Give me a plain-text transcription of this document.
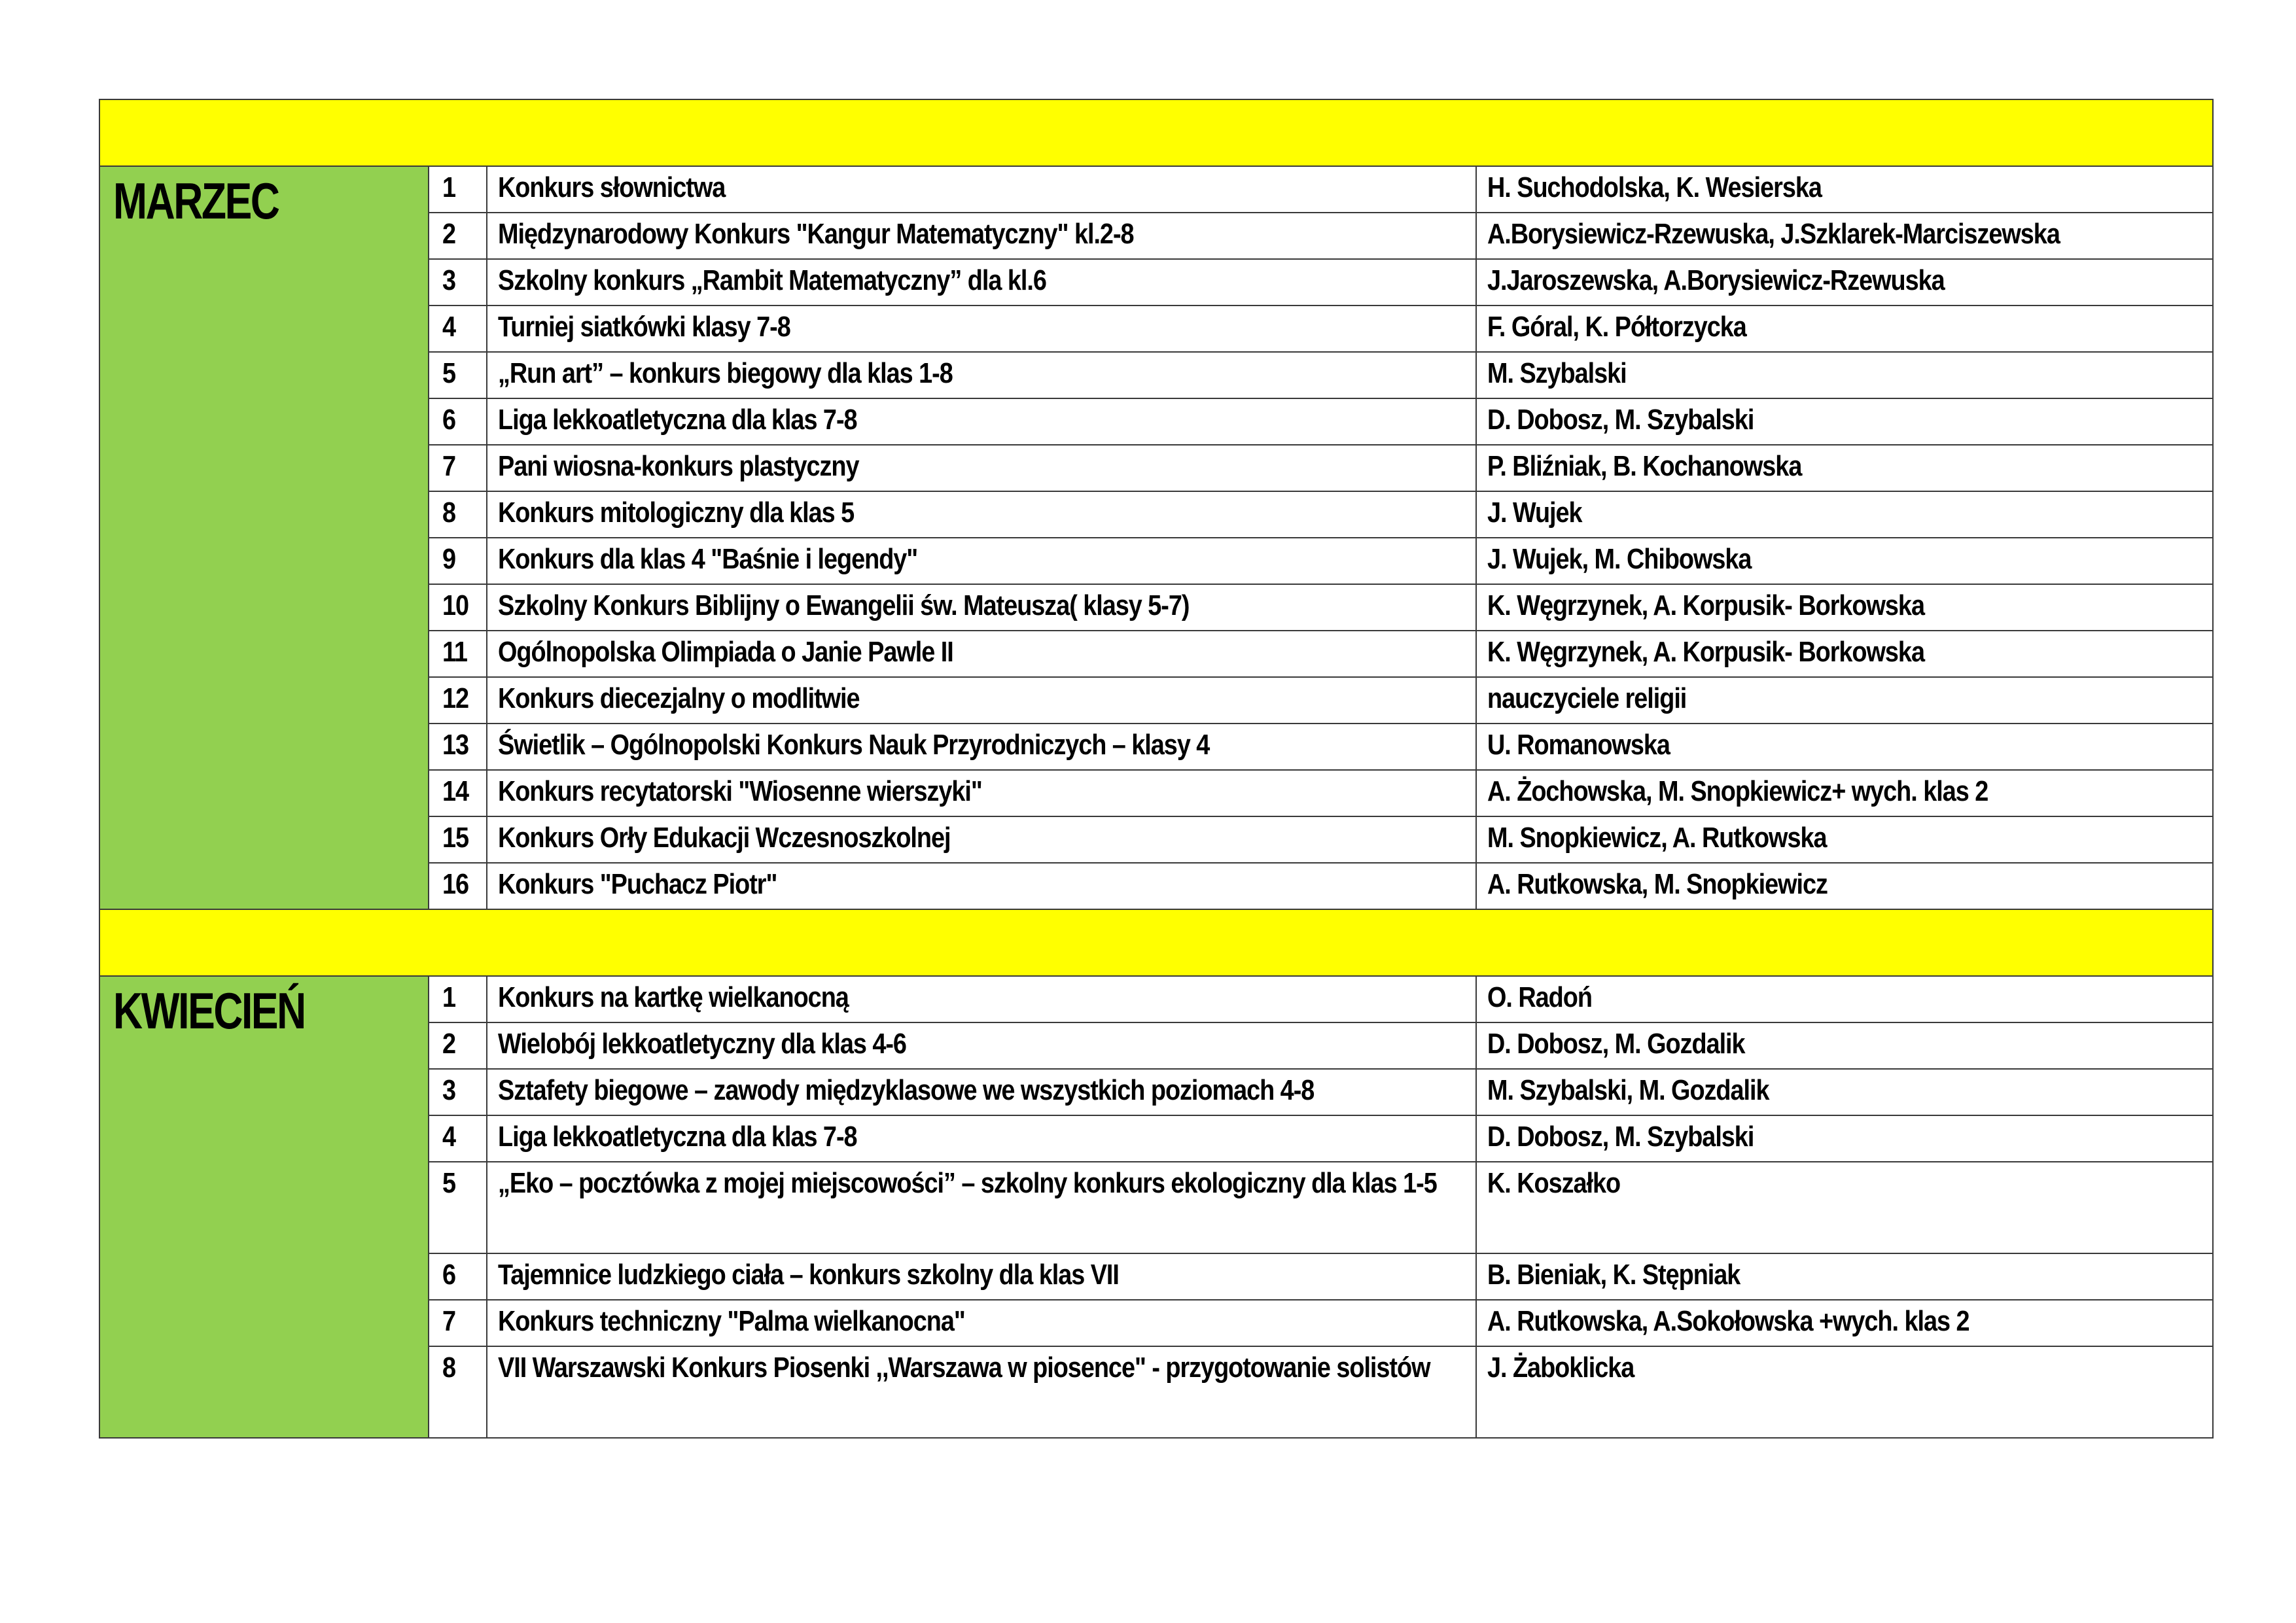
MARZEC	1	Konkurs słownictwa	H. Suchodolska, K. Wesierska
	2	Międzynarodowy Konkurs "Kangur Matematyczny" kl.2-8	A.Borysiewicz-Rzewuska, J.Szklarek-Marciszewska
	3	Szkolny konkurs „Rambit Matematyczny” dla kl.6	J.Jaroszewska, A.Borysiewicz-Rzewuska
	4	Turniej siatkówki klasy 7-8	F. Góral, K. Półtorzycka
	5	„Run art” – konkurs biegowy dla klas 1-8	M. Szybalski
	6	Liga lekkoatletyczna dla klas 7-8	D. Dobosz, M. Szybalski
	7	Pani wiosna-konkurs plastyczny	P. Bliźniak, B. Kochanowska
	8	Konkurs mitologiczny dla klas 5	J. Wujek
	9	Konkurs dla klas 4 "Baśnie i legendy"	J. Wujek, M. Chibowska
	10	Szkolny Konkurs Biblijny o Ewangelii św. Mateusza( klasy 5-7)	K. Węgrzynek, A. Korpusik- Borkowska
	11	Ogólnopolska Olimpiada o Janie Pawle II	K. Węgrzynek, A. Korpusik- Borkowska
	12	Konkurs diecezjalny o modlitwie	nauczyciele religii
	13	Świetlik – Ogólnopolski Konkurs Nauk Przyrodniczych – klasy 4	U. Romanowska
	14	Konkurs recytatorski "Wiosenne wierszyki"	A. Żochowska, M. Snopkiewicz+ wych. klas 2
	15	Konkurs Orły Edukacji Wczesnoszkolnej	M. Snopkiewicz, A. Rutkowska
	16	Konkurs "Puchacz Piotr"	A. Rutkowska, M. Snopkiewicz

KWIECIEŃ	1	Konkurs na kartkę wielkanocną	O. Radoń
	2	Wielobój lekkoatletyczny dla klas 4-6	D. Dobosz, M. Gozdalik
	3	Sztafety biegowe – zawody międzyklasowe we wszystkich poziomach 4-8	M. Szybalski, M. Gozdalik
	4	Liga lekkoatletyczna dla klas 7-8	D. Dobosz, M. Szybalski
	5	„Eko – pocztówka z mojej miejscowości” – szkolny konkurs ekologiczny dla klas 1-5	K. Koszałko
	6	Tajemnice ludzkiego ciała – konkurs szkolny dla klas VII	B. Bieniak, K. Stępniak
	7	Konkurs techniczny "Palma wielkanocna"	A. Rutkowska, A.Sokołowska +wych. klas 2
	8	VII Warszawski Konkurs Piosenki ,,Warszawa w piosence" - przygotowanie solistów	J. Żaboklicka
